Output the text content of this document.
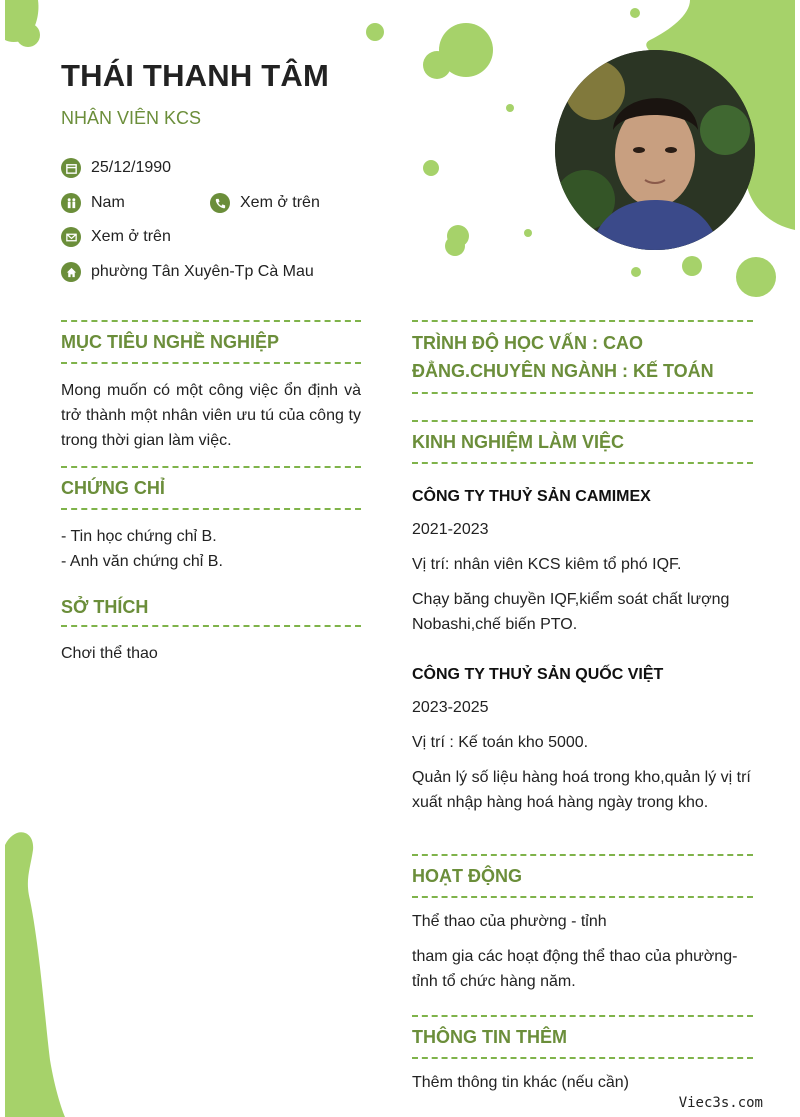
THÁI THANH TÂM
NHÂN VIÊN KCS
25/12/1990
Nam	Xem ở trên
Xem ở trên
phường Tân Xuyên-Tp Cà Mau
MỤC TIÊU NGHỀ NGHIỆP
Mong muốn có một công việc ổn định và trở thành một nhân viên ưu tú của công ty trong thời gian làm việc.
CHỨNG CHỈ
- Tin học chứng chỉ B.
- Anh văn chứng chỉ B.
SỞ THÍCH
Chơi thể thao
TRÌNH ĐỘ HỌC VẤN : CAO
ĐẲNG.CHUYÊN NGÀNH : KẾ TOÁN
KINH NGHIỆM LÀM VIỆC
CÔNG TY THUỶ SẢN CAMIMEX
2021-2023
Vị trí: nhân viên KCS kiêm tổ phó IQF.
Chạy băng chuyền IQF,kiểm soát chất lượng Nobashi,chế biến PTO.
CÔNG TY THUỶ SẢN QUỐC VIỆT
2023-2025
Vị trí : Kế toán kho 5000.
Quản lý số liệu hàng hoá trong kho,quản lý vị trí xuất nhập hàng hoá hàng ngày trong kho.
HOẠT ĐỘNG
Thể thao của phường - tỉnh
tham gia các hoạt động thể thao của phường- tỉnh tổ chức hàng năm.
THÔNG TIN THÊM
Thêm thông tin khác (nếu cần)
Viec3s.com
